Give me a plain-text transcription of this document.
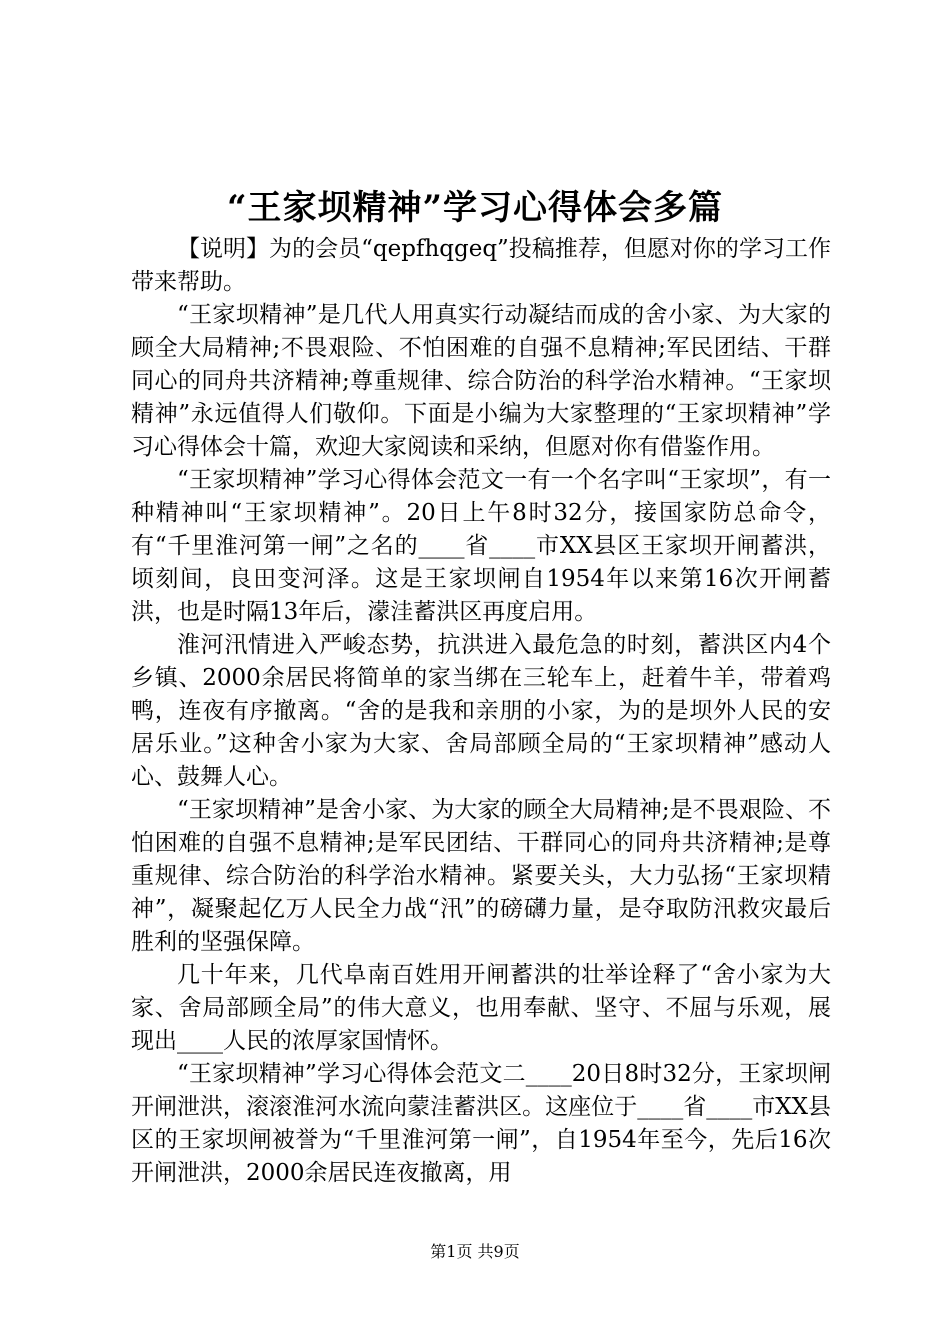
“王家坝精神”学习心得体会多篇

【说明】为的会员“qepfhqgeq”投稿推荐，但愿对你的学习工作带来帮助。

“王家坝精神”是几代人用真实行动凝结而成的舍小家、为大家的顾全大局精神;不畏艰险、不怕困难的自强不息精神;军民团结、干群同心的同舟共济精神;尊重规律、综合防治的科学治水精神。“王家坝精神”永远值得人们敬仰。下面是小编为大家整理的“王家坝精神”学习心得体会十篇，欢迎大家阅读和采纳，但愿对你有借鉴作用。

“王家坝精神”学习心得体会范文一有一个名字叫“王家坝”，有一种精神叫“王家坝精神”。20日上午8时32分，接国家防总命令，有“千里淮河第一闸”之名的____省____市XX县区王家坝开闸蓄洪，顷刻间，良田变河泽。这是王家坝闸自1954年以来第16次开闸蓄洪，也是时隔13年后，濛洼蓄洪区再度启用。

淮河汛情进入严峻态势，抗洪进入最危急的时刻，蓄洪区内4个乡镇、2000余居民将简单的家当绑在三轮车上，赶着牛羊，带着鸡鸭，连夜有序撤离。“舍的是我和亲朋的小家，为的是坝外人民的安居乐业。”这种舍小家为大家、舍局部顾全局的“王家坝精神”感动人心、鼓舞人心。

“王家坝精神”是舍小家、为大家的顾全大局精神;是不畏艰险、不怕困难的自强不息精神;是军民团结、干群同心的同舟共济精神;是尊重规律、综合防治的科学治水精神。紧要关头，大力弘扬“王家坝精神”，凝聚起亿万人民全力战“汛”的磅礴力量，是夺取防汛救灾最后胜利的坚强保障。

几十年来，几代阜南百姓用开闸蓄洪的壮举诠释了“舍小家为大家、舍局部顾全局”的伟大意义，也用奉献、坚守、不屈与乐观，展现出____人民的浓厚家国情怀。

“王家坝精神”学习心得体会范文二____20日8时32分，王家坝闸开闸泄洪，滚滚淮河水流向蒙洼蓄洪区。这座位于____省____市XX县区的王家坝闸被誉为“千里淮河第一闸”，自1954年至今，先后16次开闸泄洪，2000余居民连夜撤离，用

第1页 共9页
